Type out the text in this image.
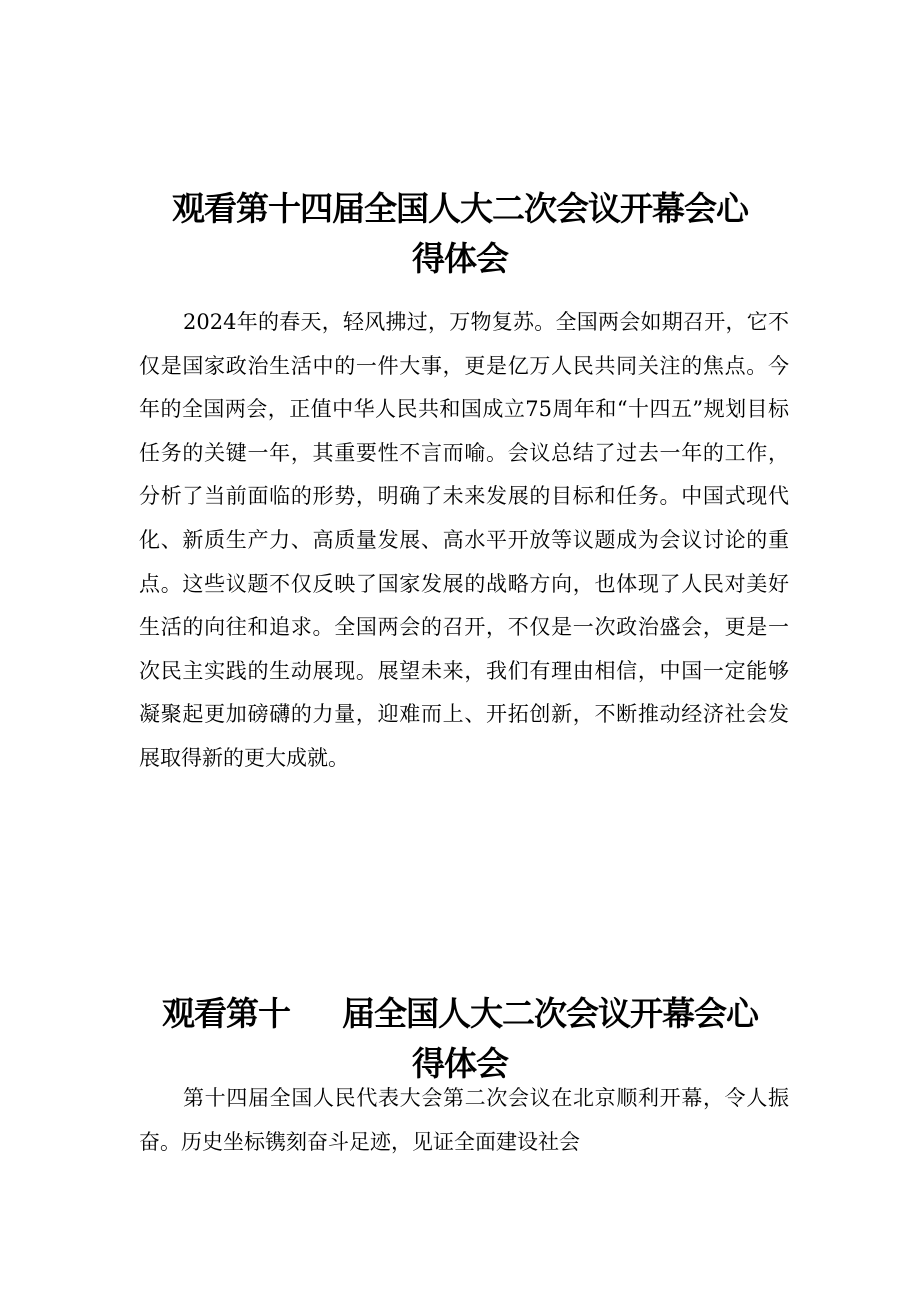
观看第十四届全国人大二次会议开幕会心
得体会

2024年的春天，轻风拂过，万物复苏。全国两会如期召开，它不仅是国家政治生活中的一件大事，更是亿万人民共同关注的焦点。今年的全国两会，正值中华人民共和国成立75周年和“十四五”规划目标任务的关键一年，其重要性不言而喻。会议总结了过去一年的工作，分析了当前面临的形势，明确了未来发展的目标和任务。中国式现代化、新质生产力、高质量发展、高水平开放等议题成为会议讨论的重点。这些议题不仅反映了国家发展的战略方向，也体现了人民对美好生活的向往和追求。全国两会的召开，不仅是一次政治盛会，更是一次民主实践的生动展现。展望未来，我们有理由相信，中国一定能够凝聚起更加磅礴的力量，迎难而上、开拓创新，不断推动经济社会发展取得新的更大成就。

观看第十 届全国人大二次会议开幕会心
得体会

第十四届全国人民代表大会第二次会议在北京顺利开幕，令人振奋。历史坐标镌刻奋斗足迹，见证全面建设社会
